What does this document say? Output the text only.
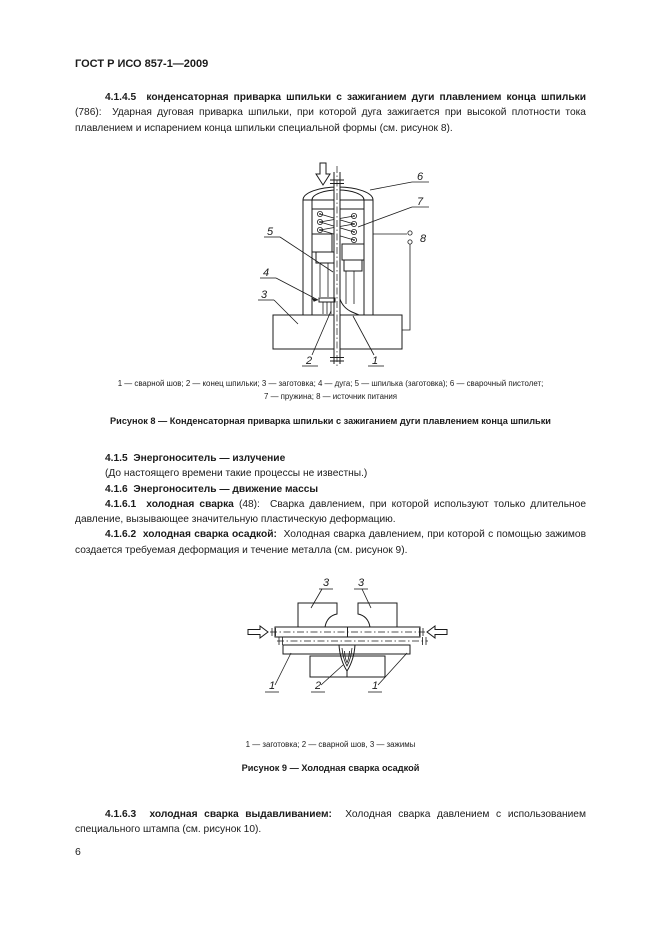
ГОСТ Р ИСО 857-1—2009

4.1.4.5 конденсаторная приварка шпильки с зажиганием дуги плавлением конца шпильки (786): Ударная дуговая приварка шпильки, при которой дуга зажигается при высокой плотности тока плавлением и испарением конца шпильки специальной формы (см. рисунок 8).

6
7
8
5
4
3
2	1
1 — сварной шов; 2 — конец шпильки; 3 — заготовка; 4 — дуга; 5 — шпилька (заготовка); 6 — сварочный пистолет;
7 — пружина; 8 — источник питания
Рисунок 8 — Конденсаторная приварка шпильки с зажиганием дуги плавлением конца шпильки

4.1.5 Энергоноситель — излучение

(До настоящего времени такие процессы не известны.)

4.1.6 Энергоноситель — движение массы

4.1.6.1 холодная сварка (48): Сварка давлением, при которой используют только длительное давление, вызывающее значительную пластическую деформацию.

4.1.6.2 холодная сварка осадкой: Холодная сварка давлением, при которой с помощью зажимов создается требуемая деформация и течение металла (см. рисунок 9).

3	3
1	2	1
1 — заготовка; 2 — сварной шов, 3 — зажимы
Рисунок 9 — Холодная сварка осадкой

4.1.6.3 холодная сварка выдавливанием: Холодная сварка давлением с использованием специального штампа (см. рисунок 10).

6
